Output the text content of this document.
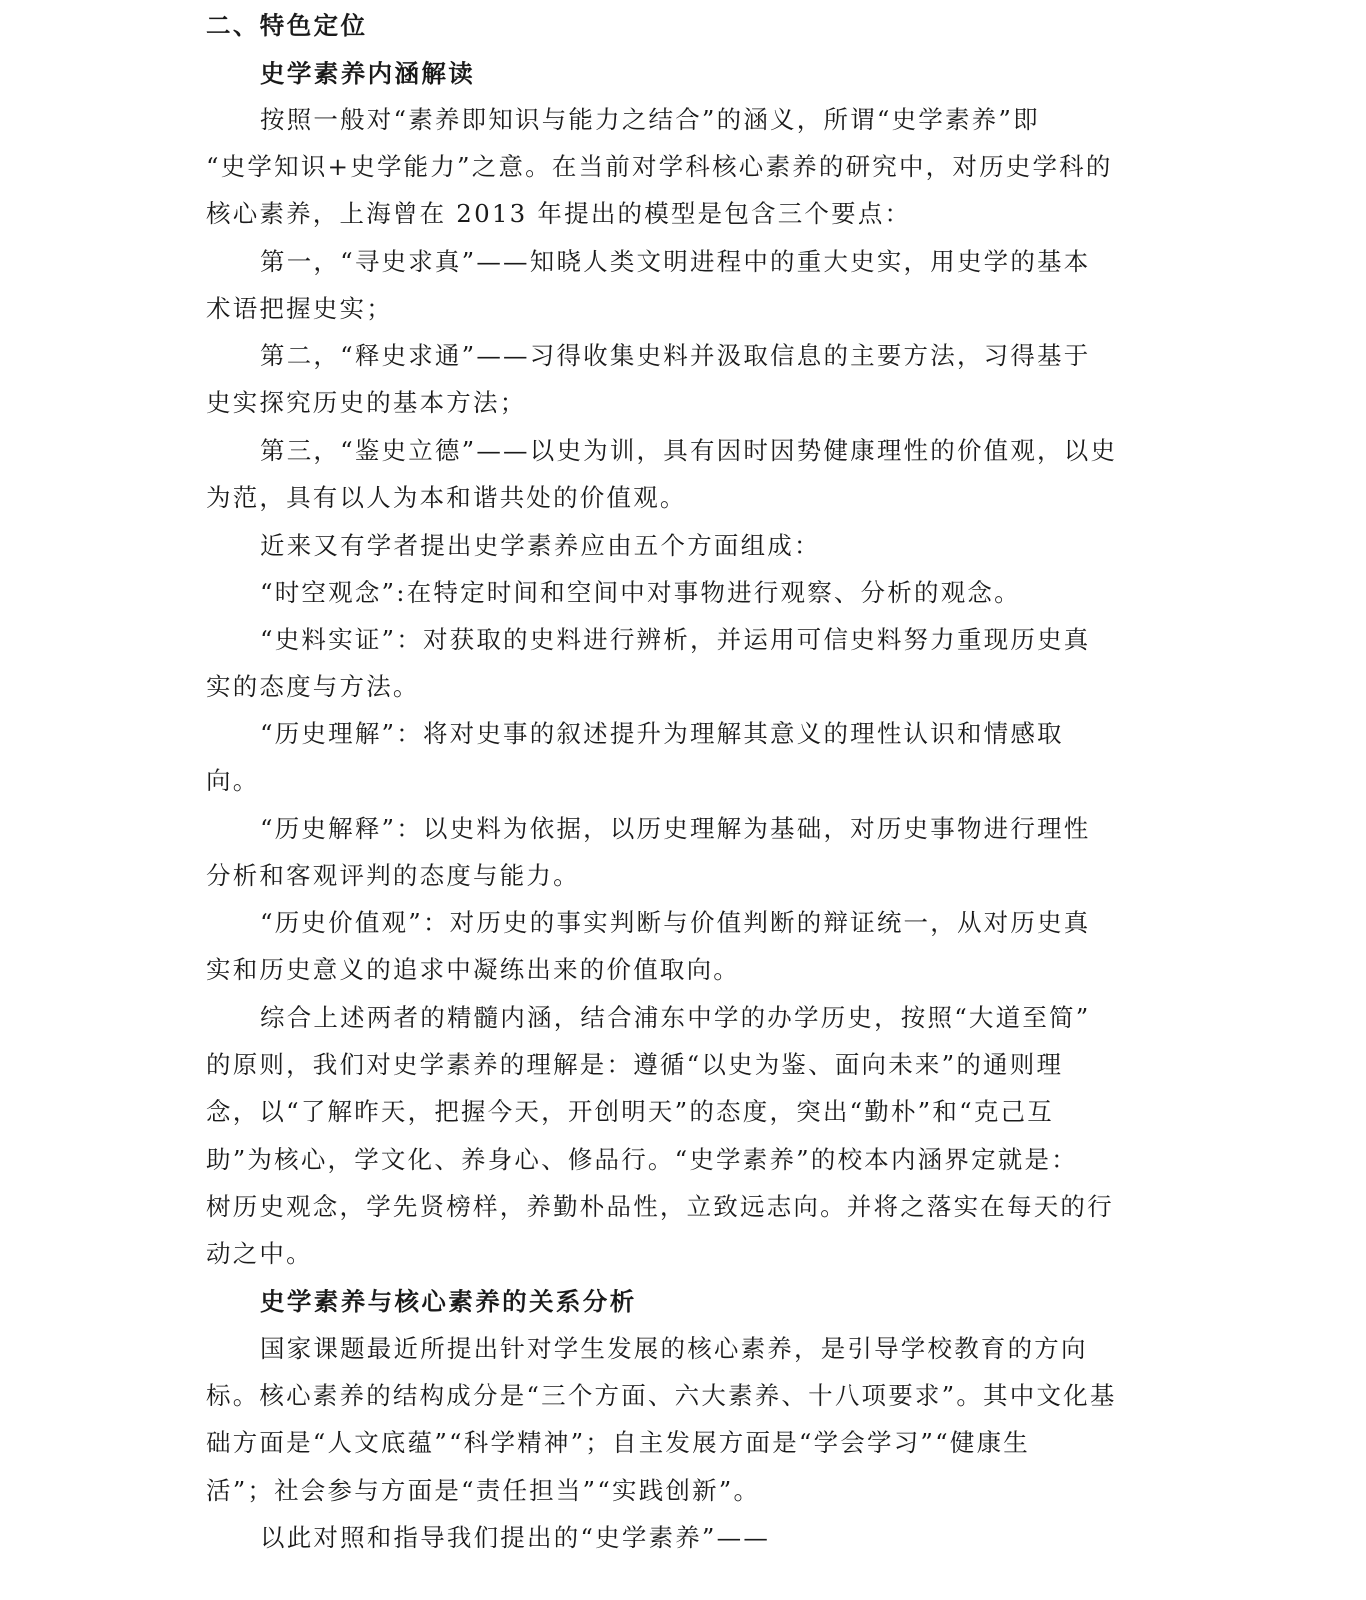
二、特色定位
史学素养内涵解读
按照一般对“素养即知识与能力之结合”的涵义，所谓“史学素养”即
“史学知识+史学能力”之意。在当前对学科核心素养的研究中，对历史学科的
核心素养，上海曾在 2013 年提出的模型是包含三个要点：
第一，“寻史求真”——知晓人类文明进程中的重大史实，用史学的基本
术语把握史实；
第二，“释史求通”——习得收集史料并汲取信息的主要方法，习得基于
史实探究历史的基本方法；
第三，“鉴史立德”——以史为训，具有因时因势健康理性的价值观，以史
为范，具有以人为本和谐共处的价值观。
近来又有学者提出史学素养应由五个方面组成：
“时空观念”:在特定时间和空间中对事物进行观察、分析的观念。
“史料实证”：对获取的史料进行辨析，并运用可信史料努力重现历史真
实的态度与方法。
“历史理解”：将对史事的叙述提升为理解其意义的理性认识和情感取
向。
“历史解释”：以史料为依据，以历史理解为基础，对历史事物进行理性
分析和客观评判的态度与能力。
“历史价值观”：对历史的事实判断与价值判断的辩证统一，从对历史真
实和历史意义的追求中凝练出来的价值取向。
综合上述两者的精髓内涵，结合浦东中学的办学历史，按照“大道至简”
的原则，我们对史学素养的理解是：遵循“以史为鉴、面向未来”的通则理
念，以“了解昨天，把握今天，开创明天”的态度，突出“勤朴”和“克己互
助”为核心，学文化、养身心、修品行。“史学素养”的校本内涵界定就是：
树历史观念，学先贤榜样，养勤朴品性，立致远志向。并将之落实在每天的行
动之中。
史学素养与核心素养的关系分析
国家课题最近所提出针对学生发展的核心素养，是引导学校教育的方向
标。核心素养的结构成分是“三个方面、六大素养、十八项要求”。其中文化基
础方面是“人文底蕴”“科学精神”；自主发展方面是“学会学习”“健康生
活”；社会参与方面是“责任担当”“实践创新”。
以此对照和指导我们提出的“史学素养”——
